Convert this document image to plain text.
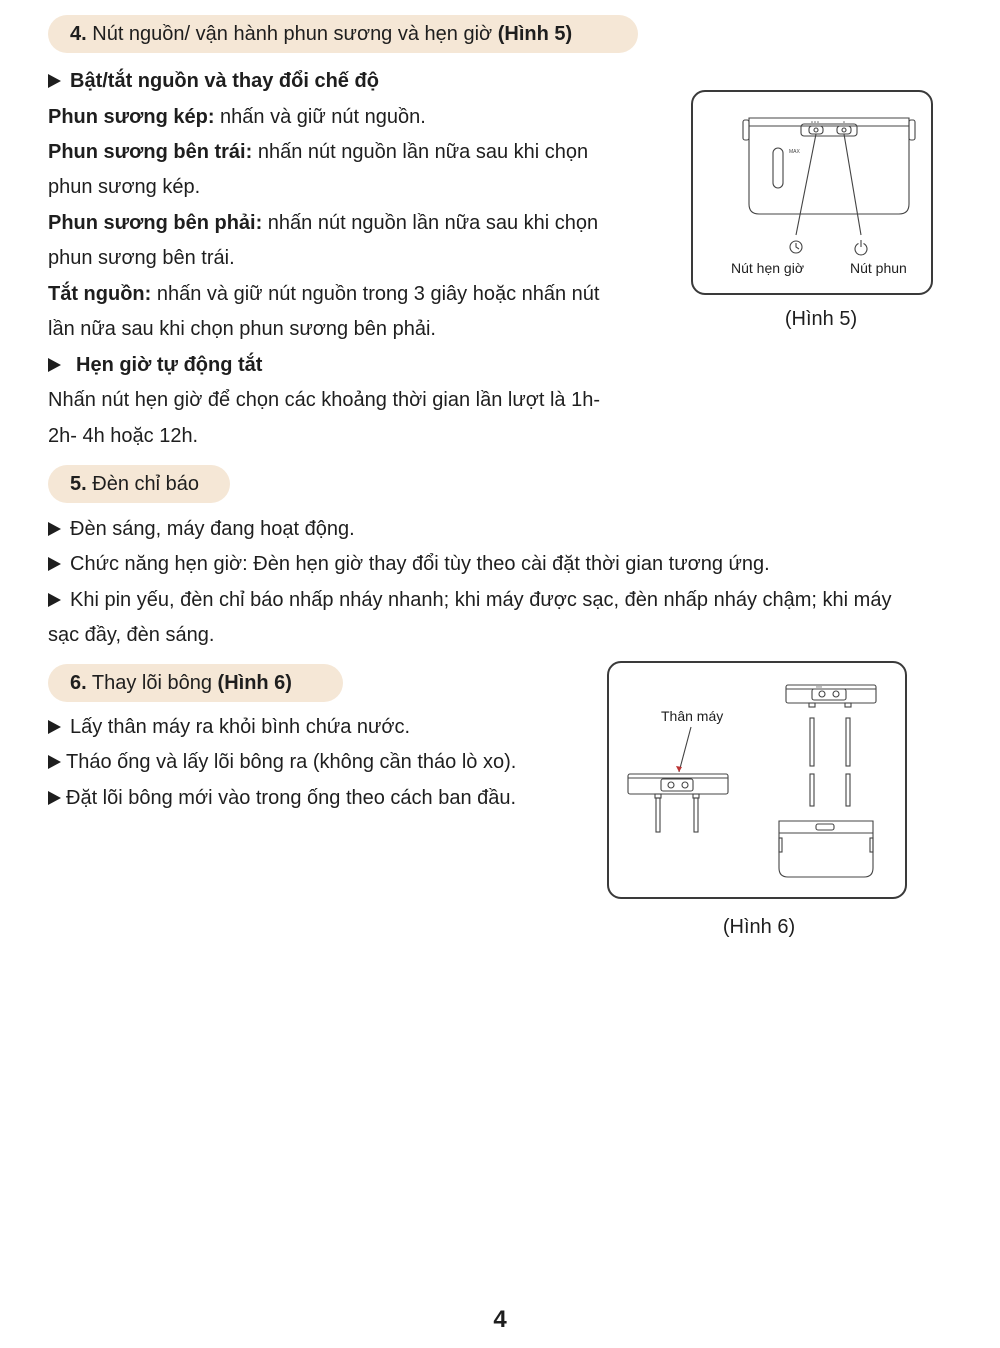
4. Nút nguồn/ vận hành phun sương và hẹn giờ (Hình 5)
Bật/tắt nguồn và thay đổi chế độ
Phun sương kép: nhấn và giữ nút nguồn.
Phun sương bên trái: nhấn nút nguồn lần nữa sau khi chọn
phun sương kép.
Phun sương bên phải: nhấn nút nguồn lần nữa sau khi chọn
phun sương bên trái.
Tắt nguồn: nhấn và giữ nút nguồn trong 3 giây hoặc nhấn nút
lần nữa sau khi chọn phun sương bên phải.
Hẹn giờ tự động tắt
Nhấn nút hẹn giờ để chọn các khoảng thời gian lần lượt là 1h-
2h- 4h hoặc 12h.
MAX
Nút hẹn giờ	Nút phun
(Hình 5)
5. Đèn chỉ báo
Đèn sáng, máy đang hoạt động.
Chức năng hẹn giờ: Đèn hẹn giờ thay đổi tùy theo cài đặt thời gian tương ứng.
Khi pin yếu, đèn chỉ báo nhấp nháy nhanh; khi máy được sạc, đèn nhấp nháy chậm; khi máy
sạc đầy, đèn sáng.
6. Thay lõi bông (Hình 6)
Lấy thân máy ra khỏi bình chứa nước.
Tháo ống và lấy lõi bông ra (không cần tháo lò xo).
Đặt lõi bông mới vào trong ống theo cách ban đầu.
Thân máy
(Hình 6)
4
